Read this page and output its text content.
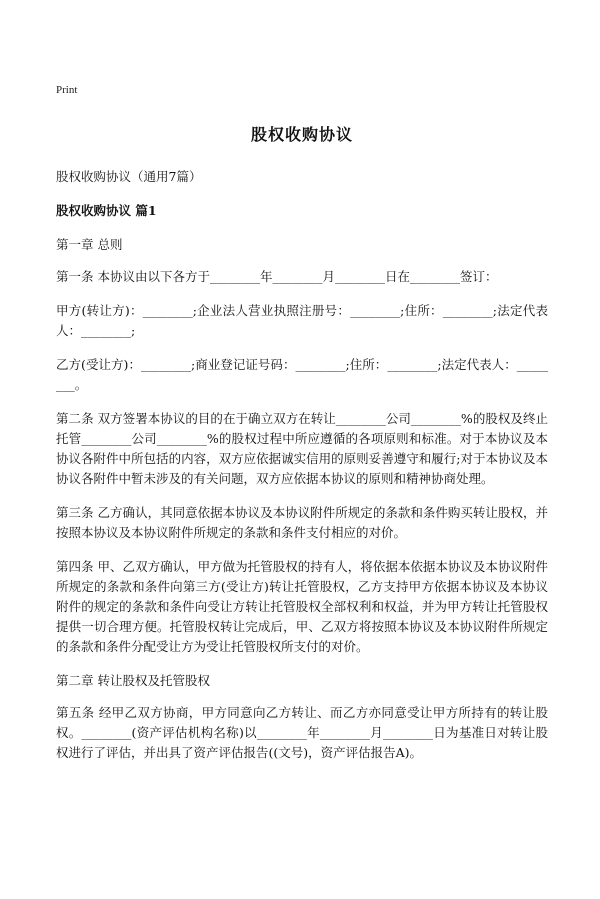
Print
股权收购协议
股权收购协议（通用7篇）
股权收购协议 篇1
第一章 总则

第一条 本协议由以下各方于________年________月________日在________签订：

甲方(转让方)：________;企业法人营业执照注册号：________;住所：________;法定代表人：________;

乙方(受让方)：________;商业登记证号码：________;住所：________;法定代表人：________。

第二条 双方签署本协议的目的在于确立双方在转让________公司________%的股权及终止托管________公司________%的股权过程中所应遵循的各项原则和标准。对于本协议及本协议各附件中所包括的内容，双方应依据诚实信用的原则妥善遵守和履行;对于本协议及本协议各附件中暂未涉及的有关问题，双方应依据本协议的原则和精神协商处理。

第三条 乙方确认，其同意依据本协议及本协议附件所规定的条款和条件购买转让股权，并按照本协议及本协议附件所规定的条款和条件支付相应的对价。

第四条 甲、乙双方确认，甲方做为托管股权的持有人，将依据本依据本协议及本协议附件所规定的条款和条件向第三方(受让方)转让托管股权，乙方支持甲方依据本协议及本协议附件的规定的条款和条件向受让方转让托管股权全部权利和权益，并为甲方转让托管股权提供一切合理方便。托管股权转让完成后，甲、乙双方将按照本协议及本协议附件所规定的条款和条件分配受让方为受让托管股权所支付的对价。

第二章 转让股权及托管股权

第五条 经甲乙双方协商，甲方同意向乙方转让、而乙方亦同意受让甲方所持有的转让股权。________(资产评估机构名称)以________年________月________日为基准日对转让股权进行了评估，并出具了资产评估报告((文号)，资产评估报告A)。
